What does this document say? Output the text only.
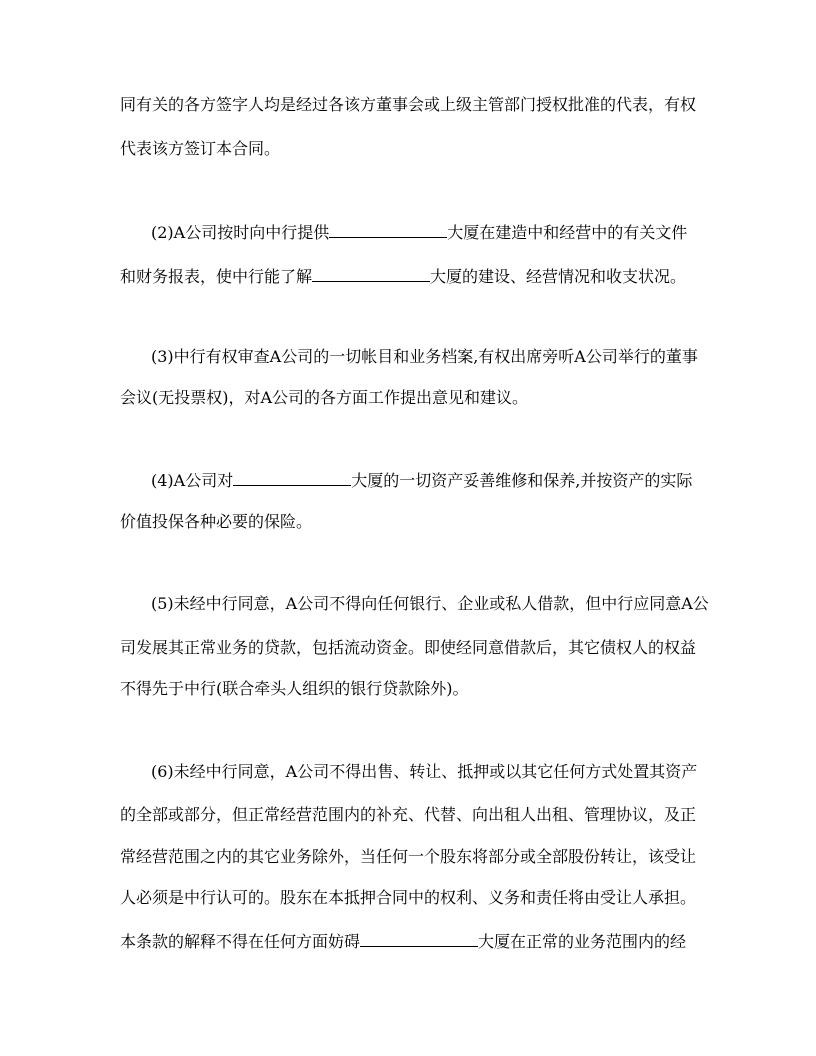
同有关的各方签字人均是经过各该方董事会或上级主管部门授权批准的代表，有权
代表该方签订本合同。
(2)A公司按时向中行提供	大厦在建造中和经营中的有关文件
和财务报表，使中行能了解	大厦的建设、经营情况和收支状况。
(3)中行有权审查A公司的一切帐目和业务档案,有权出席旁听A公司举行的董事
会议(无投票权)，对A公司的各方面工作提出意见和建议。
(4)A公司对	大厦的一切资产妥善维修和保养,并按资产的实际
价值投保各种必要的保险。
(5)未经中行同意，A公司不得向任何银行、企业或私人借款，但中行应同意A公
司发展其正常业务的贷款，包括流动资金。即使经同意借款后，其它债权人的权益
不得先于中行(联合牵头人组织的银行贷款除外)。
(6)未经中行同意，A公司不得出售、转让、抵押或以其它任何方式处置其资产
的全部或部分，但正常经营范围内的补充、代替、向出租人出租、管理协议，及正
常经营范围之内的其它业务除外，当任何一个股东将部分或全部股份转让，该受让
人必须是中行认可的。股东在本抵押合同中的权利、义务和责任将由受让人承担。
本条款的解释不得在任何方面妨碍	大厦在正常的业务范围内的经
